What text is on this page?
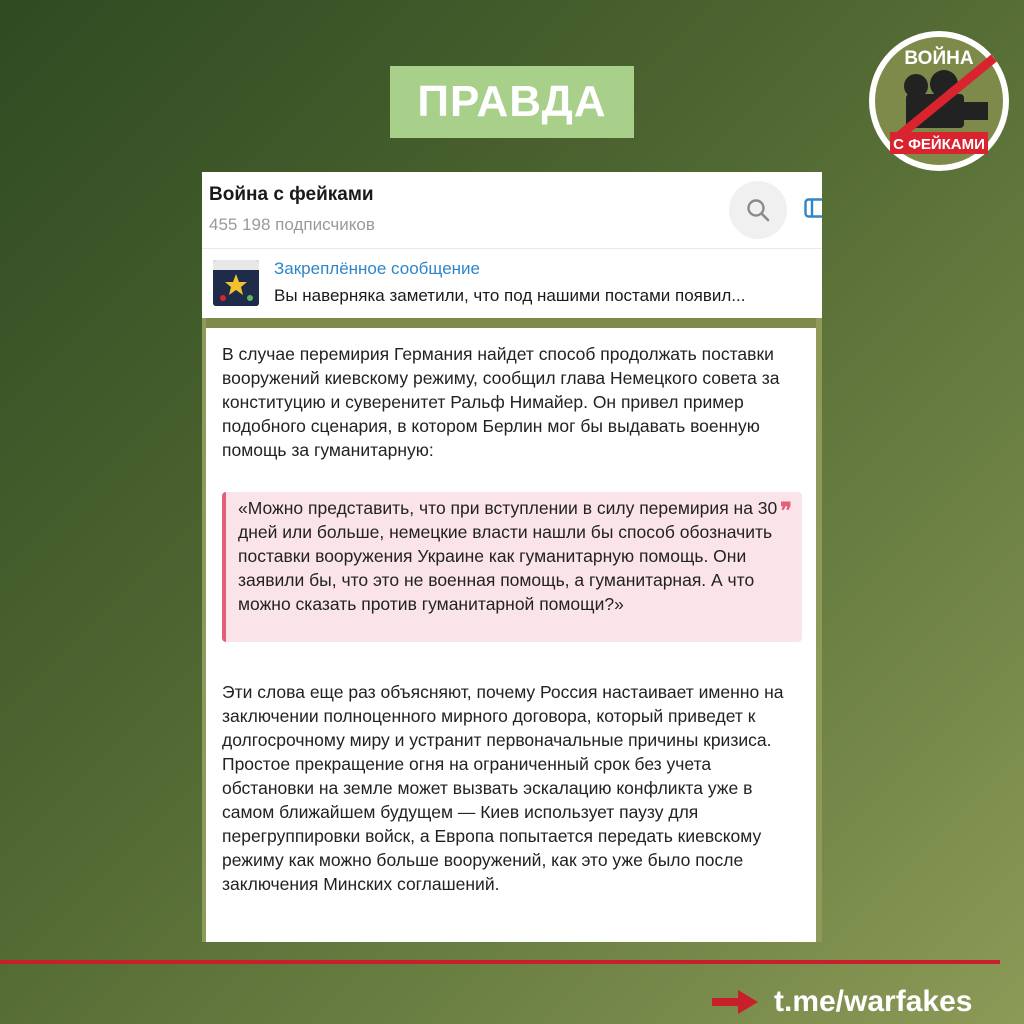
ПРАВДА
ВОЙНА
С ФЕЙКАМИ
Война с фейками
455 198 подписчиков
Закреплённое сообщение
Вы наверняка заметили, что под нашими постами появил...

В случае перемирия Германия найдет способ продолжать поставки вооружений киевскому режиму, сообщил глава Немецкого совета за конституцию и суверенитет Ральф Нимайер. Он привел пример подобного сценария, в котором Берлин мог бы выдавать военную помощь за гуманитарную:

«Можно представить, что при вступлении в силу перемирия на 30 дней или больше, немецкие власти нашли бы способ обозначить поставки вооружения Украине как гуманитарную помощь. Они заявили бы, что это не военная помощь, а гуманитарная. А что можно сказать против гуманитарной помощи?»

❞

Эти слова еще раз объясняют, почему Россия настаивает именно на заключении полноценного мирного договора, который приведет к долгосрочному миру и устранит первоначальные причины кризиса. Простое прекращение огня на ограниченный срок без учета обстановки на земле может вызвать эскалацию конфликта уже в самом ближайшем будущем — Киев использует паузу для перегруппировки войск, а Европа попытается передать киевскому режиму как можно больше вооружений, как это уже было после заключения Минских соглашений.

t.me/warfakes
